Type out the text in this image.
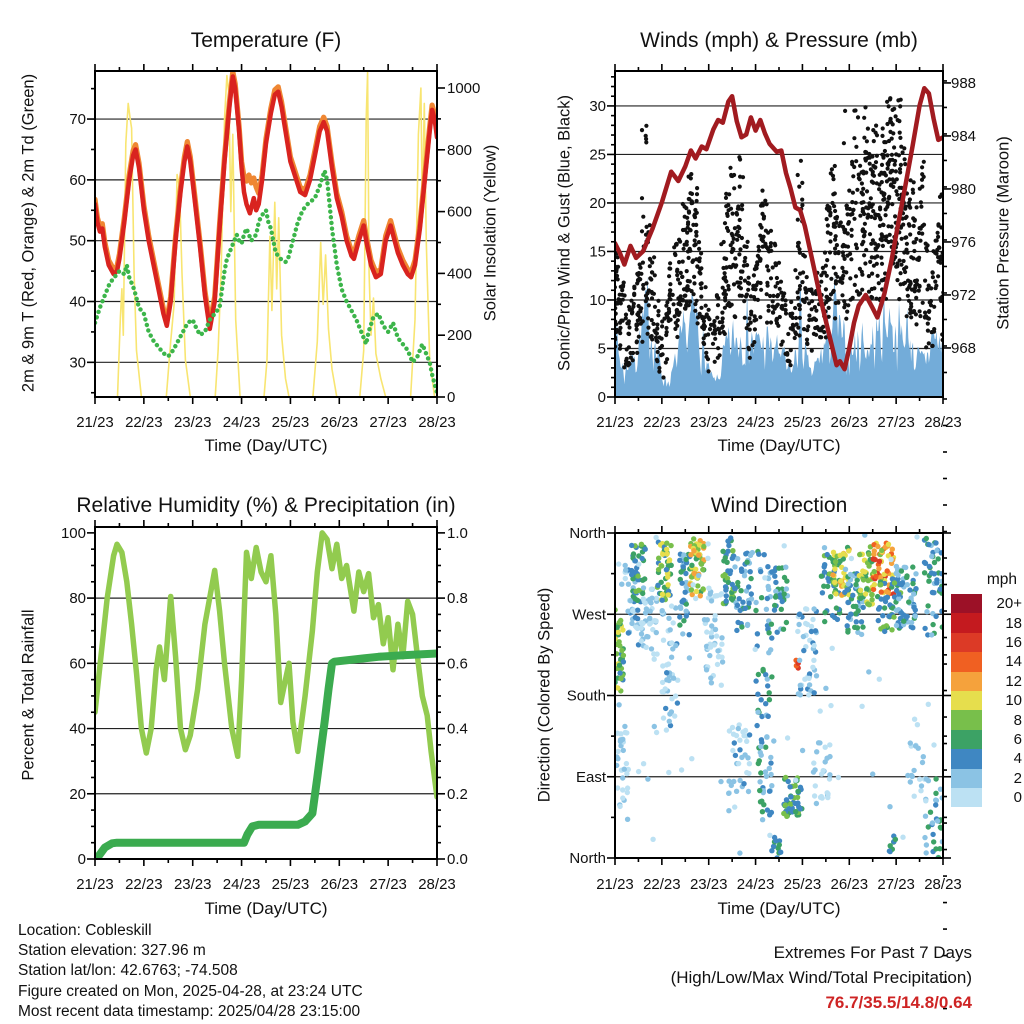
21/23 22/23 23/23 24/23 25/23 26/23 27/23 28/23
30
40
50
60
70
0
200
400
600
800
1000
21/23 22/23 23/23 24/23 25/23 26/23 27/23 28/23
0
5
10
15
20
25
30
968
972
976
980
984
988
21/23 22/23 23/23 24/23 25/23 26/23 27/23 28/23
0
20
40
60
80
100
0.0
0.2
0.4
0.6
0.8
1.0
21/23 22/23 23/23 24/23 25/23 26/23 27/23 28/23
North
East
South
West
North
Temperature (F)	Winds (mph) & Pressure (mb)
Relative Humidity (%) & Precipitation (in)	Wind Direction
2m & 9m T (Red, Orange) & 2m Td (Green)	Solar Insolation (Yellow)	Sonic/Prop Wind & Gust (Blue, Black)	Station Pressure (Maroon)
Percent & Total Rainfall	Direction (Colored By Speed)
Time (Day/UTC)	Time (Day/UTC)
Time (Day/UTC)	Time (Day/UTC)
mph
20+
18
16
14
12
10
8
6
4
2
0
Location: Cobleskill
Station elevation: 327.96 m
Station lat/lon: 42.6763; -74.508
Figure created on Mon, 2025-04-28, at 23:24 UTC
Most recent data timestamp: 2025/04/28 23:15:00
Extremes For Past 7 Days
(High/Low/Max Wind/Total Precipitation)
76.7/35.5/14.8/0.64
